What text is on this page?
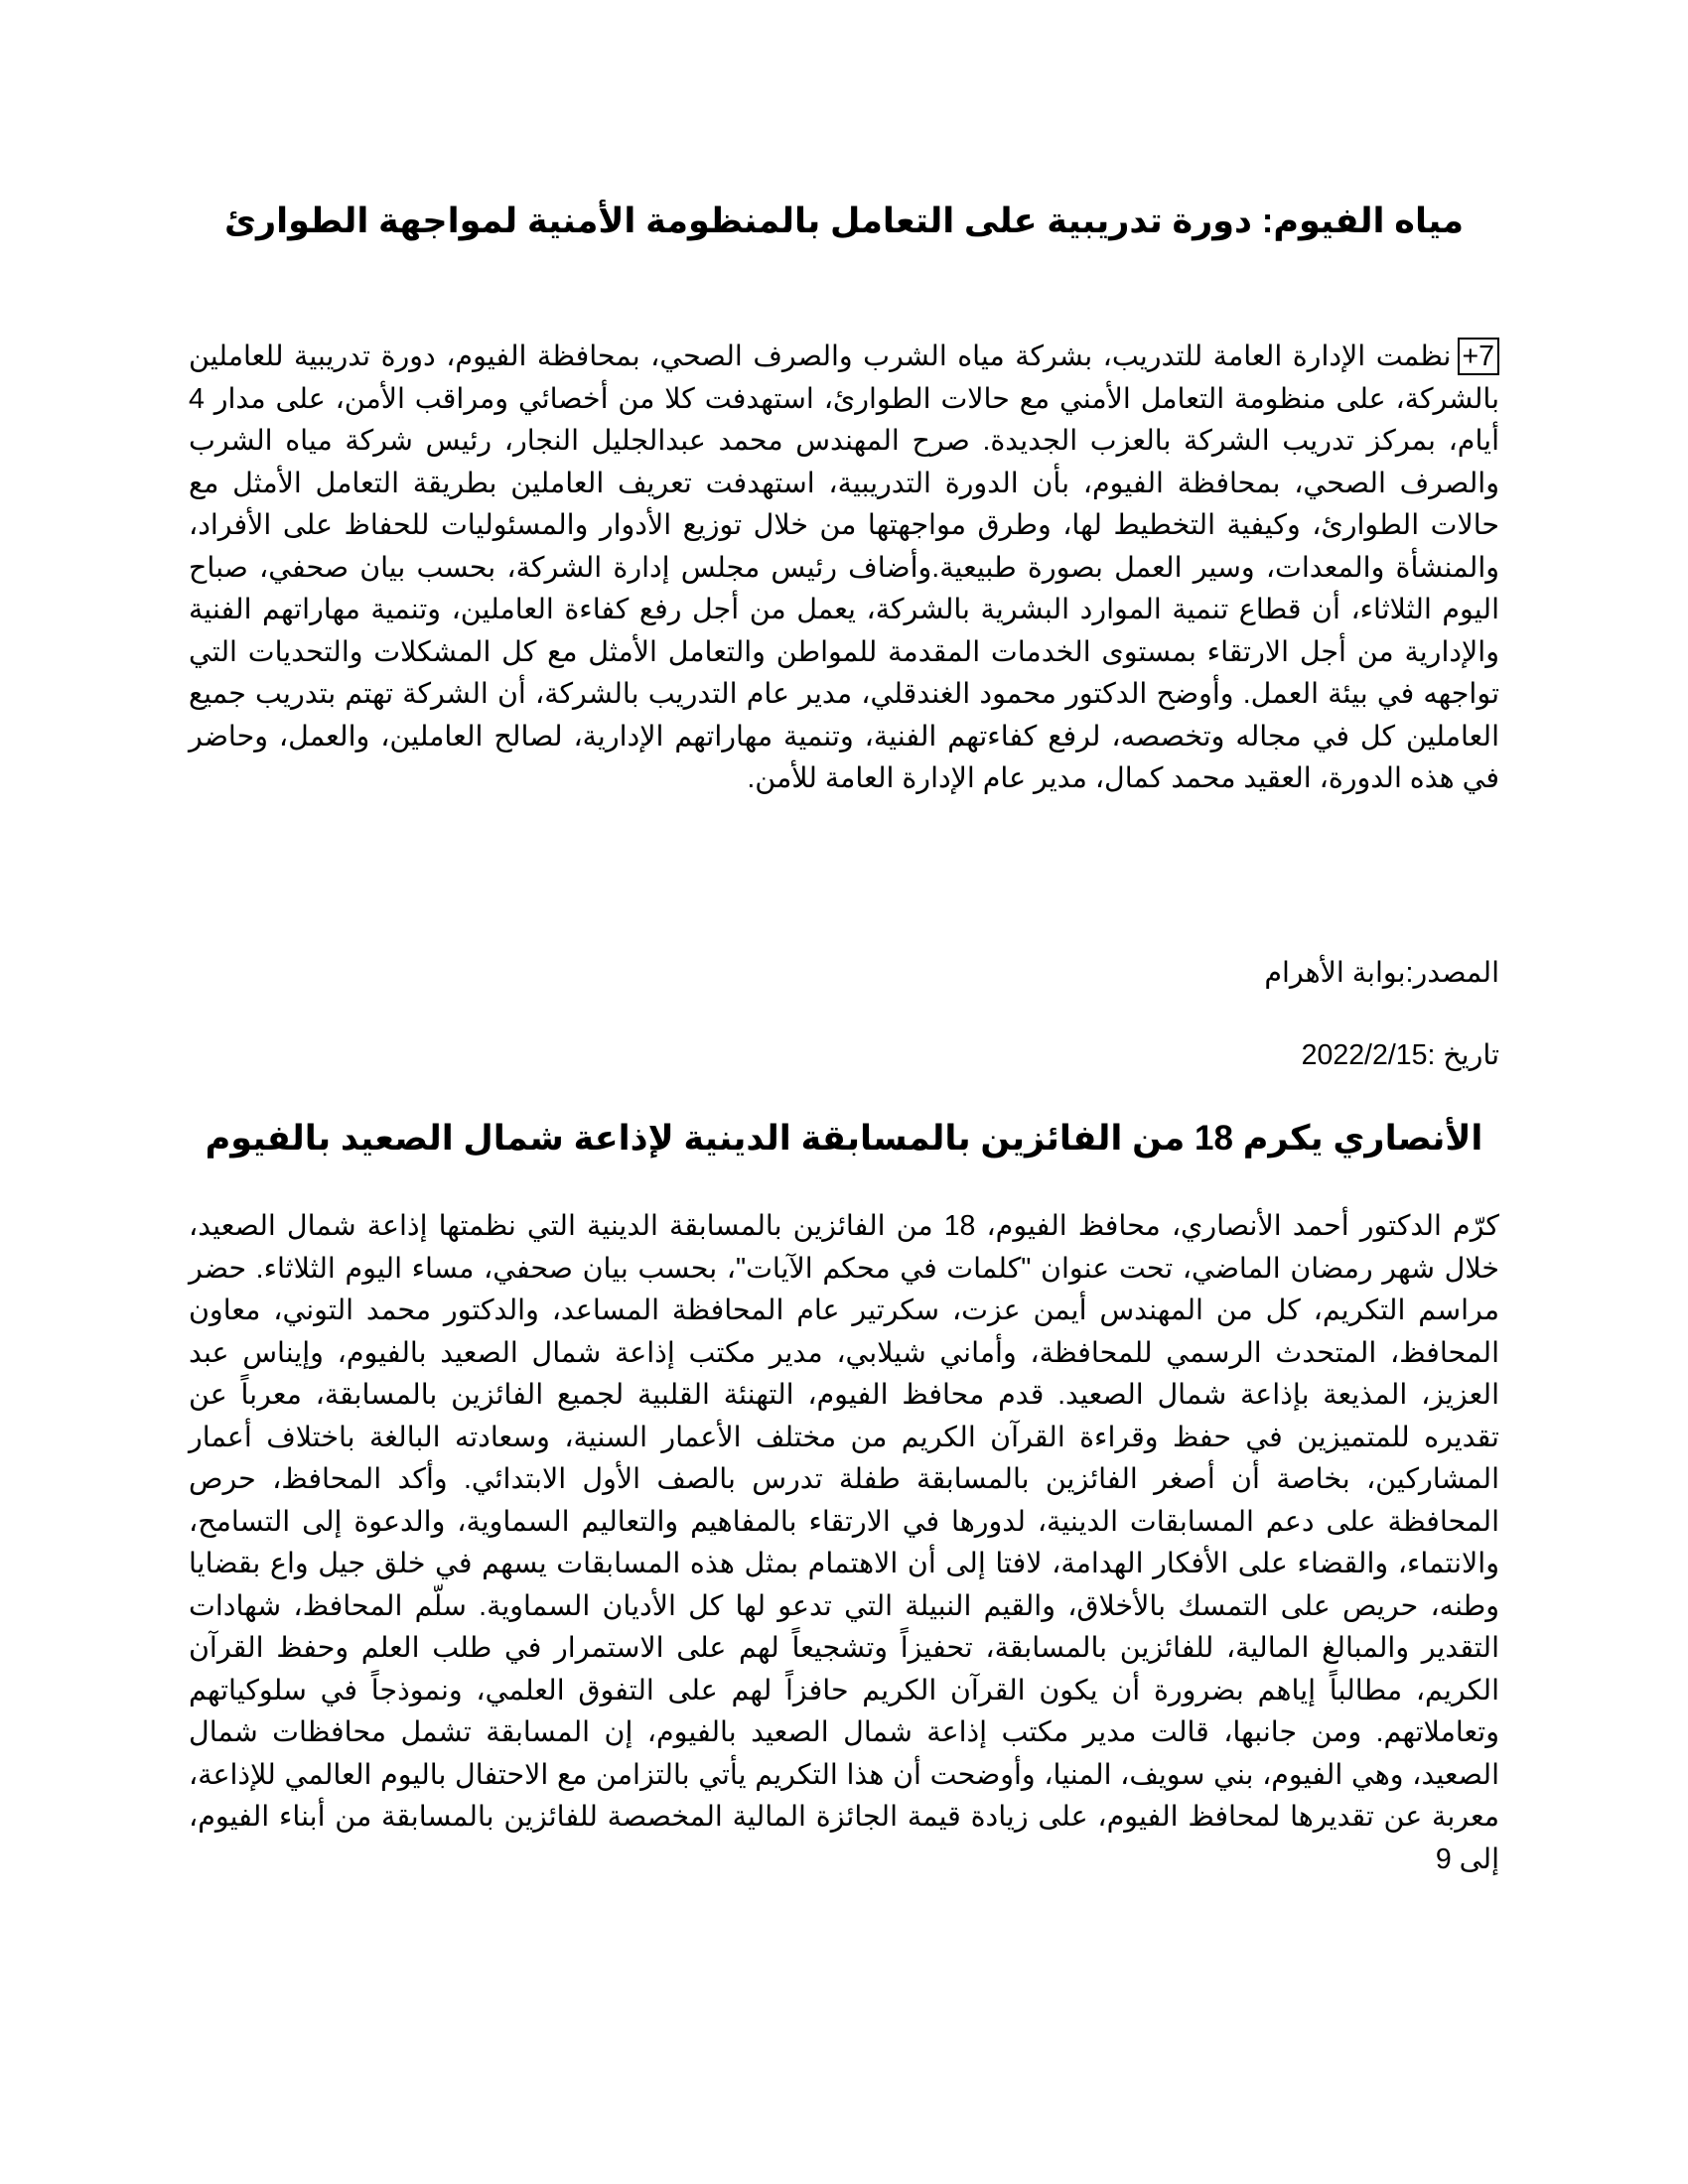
مياه الفيوم: دورة تدريبية على التعامل بالمنظومة الأمنية لمواجهة الطوارئ

+7نظمت الإدارة العامة للتدريب، بشركة مياه الشرب والصرف الصحي، بمحافظة الفيوم، دورة تدريبية للعاملين بالشركة، على منظومة التعامل الأمني مع حالات الطوارئ، استهدفت كلا من أخصائي ومراقب الأمن، على مدار 4 أيام، بمركز تدريب الشركة بالعزب الجديدة. صرح المهندس محمد عبدالجليل النجار، رئيس شركة مياه الشرب والصرف الصحي، بمحافظة الفيوم، بأن الدورة التدريبية، استهدفت تعريف العاملين بطريقة التعامل الأمثل مع حالات الطوارئ، وكيفية التخطيط لها، وطرق مواجهتها من خلال توزيع الأدوار والمسئوليات للحفاظ على الأفراد، والمنشأة والمعدات، وسير العمل بصورة طبيعية.وأضاف رئيس مجلس إدارة الشركة، بحسب بيان صحفي، صباح اليوم الثلاثاء، أن قطاع تنمية الموارد البشرية بالشركة، يعمل من أجل رفع كفاءة العاملين، وتنمية مهاراتهم الفنية والإدارية من أجل الارتقاء بمستوى الخدمات المقدمة للمواطن والتعامل الأمثل مع كل المشكلات والتحديات التي تواجهه في بيئة العمل. وأوضح الدكتور محمود الغندقلي، مدير عام التدريب بالشركة، أن الشركة تهتم بتدريب جميع العاملين كل في مجاله وتخصصه، لرفع كفاءتهم الفنية، وتنمية مهاراتهم الإدارية، لصالح العاملين، والعمل، وحاضر في هذه الدورة، العقيد محمد كمال، مدير عام الإدارة العامة للأمن.

المصدر:بوابة الأهرام
تاريخ :2022/2/15
الأنصاري يكرم 18 من الفائزين بالمسابقة الدينية لإذاعة شمال الصعيد بالفيوم

كرّم الدكتور أحمد الأنصاري، محافظ الفيوم، 18 من الفائزين بالمسابقة الدينية التي نظمتها إذاعة شمال الصعيد، خلال شهر رمضان الماضي، تحت عنوان "كلمات في محكم الآيات"، بحسب بيان صحفي، مساء اليوم الثلاثاء. حضر مراسم التكريم، كل من المهندس أيمن عزت، سكرتير عام المحافظة المساعد، والدكتور محمد التوني، معاون المحافظ، المتحدث الرسمي للمحافظة، وأماني شيلابي، مدير مكتب إذاعة شمال الصعيد بالفيوم، وإيناس عبد العزيز، المذيعة بإذاعة شمال الصعيد. قدم محافظ الفيوم، التهنئة القلبية لجميع الفائزين بالمسابقة، معرباً عن تقديره للمتميزين في حفظ وقراءة القرآن الكريم من مختلف الأعمار السنية، وسعادته البالغة باختلاف أعمار المشاركين، بخاصة أن أصغر الفائزين بالمسابقة طفلة تدرس بالصف الأول الابتدائي. وأكد المحافظ، حرص المحافظة على دعم المسابقات الدينية، لدورها في الارتقاء بالمفاهيم والتعاليم السماوية، والدعوة إلى التسامح، والانتماء، والقضاء على الأفكار الهدامة، لافتا إلى أن الاهتمام بمثل هذه المسابقات يسهم في خلق جيل واع بقضايا وطنه، حريص على التمسك بالأخلاق، والقيم النبيلة التي تدعو لها كل الأديان السماوية. سلّم المحافظ، شهادات التقدير والمبالغ المالية، للفائزين بالمسابقة، تحفيزاً وتشجيعاً لهم على الاستمرار في طلب العلم وحفظ القرآن الكريم، مطالباً إياهم بضرورة أن يكون القرآن الكريم حافزاً لهم على التفوق العلمي، ونموذجاً في سلوكياتهم وتعاملاتهم. ومن جانبها، قالت مدير مكتب إذاعة شمال الصعيد بالفيوم، إن المسابقة تشمل محافظات شمال الصعيد، وهي الفيوم، بني سويف، المنيا، وأوضحت أن هذا التكريم يأتي بالتزامن مع الاحتفال باليوم العالمي للإذاعة، معربة عن تقديرها لمحافظ الفيوم، على زيادة قيمة الجائزة المالية المخصصة للفائزين بالمسابقة من أبناء الفيوم، إلى 9
